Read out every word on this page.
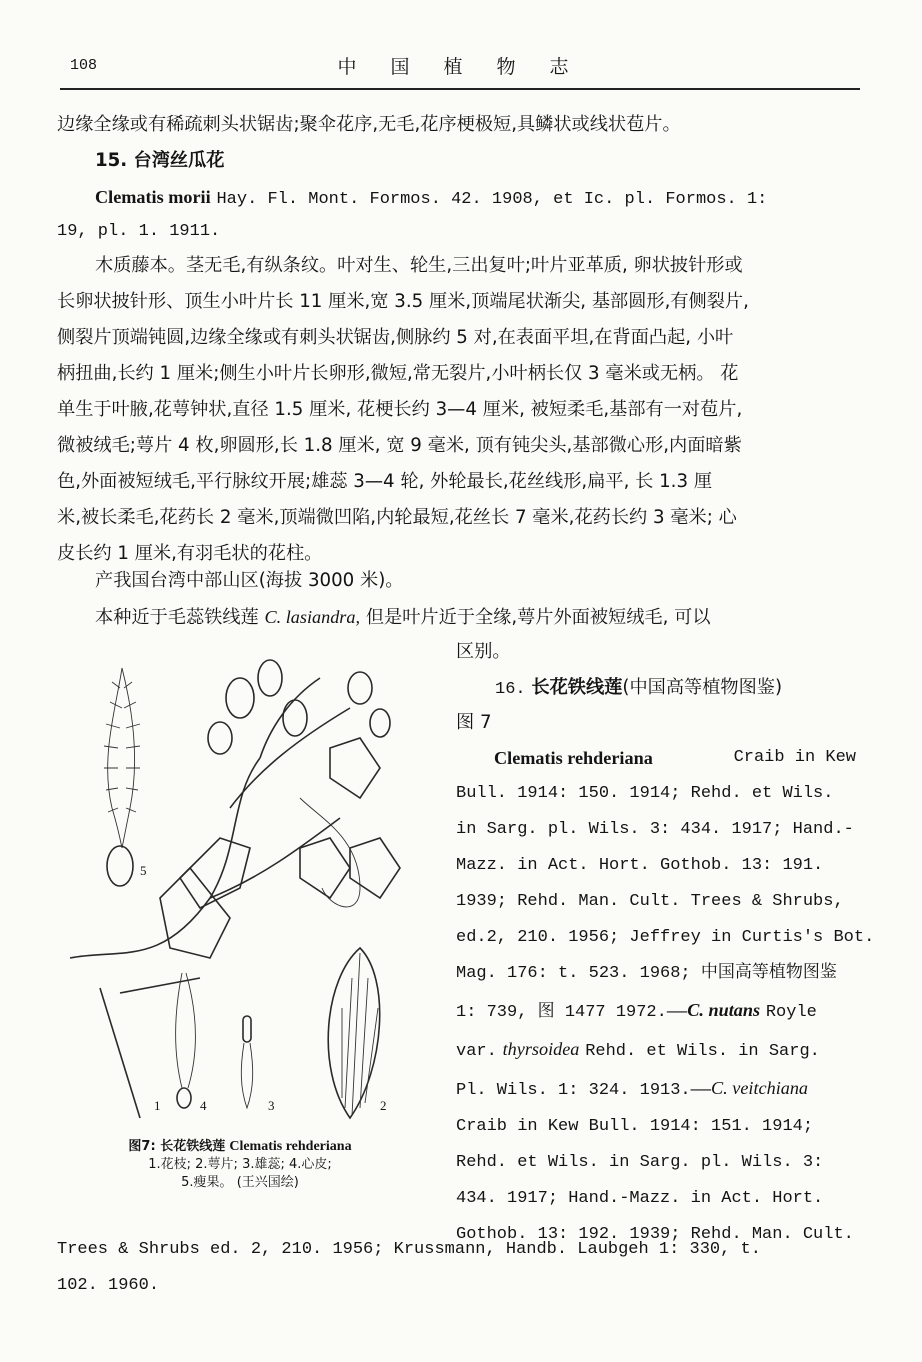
108	中国植物志
边缘全缘或有稀疏刺头状锯齿;聚伞花序,无毛,花序梗极短,具鳞状或线状苞片。
15. 台湾丝瓜花
Clematis morii Hay. Fl. Mont. Formos. 42. 1908, et Ic. pl. Formos. 1:
19, pl. 1. 1911.
木质藤本。茎无毛,有纵条纹。叶对生、轮生,三出复叶;叶片亚革质, 卵状披针形或
长卵状披针形、顶生小叶片长 11 厘米,宽 3.5 厘米,顶端尾状渐尖, 基部圆形,有侧裂片,
侧裂片顶端钝圆,边缘全缘或有刺头状锯齿,侧脉约 5 对,在表面平坦,在背面凸起, 小叶
柄扭曲,长约 1 厘米;侧生小叶片长卵形,微短,常无裂片,小叶柄长仅 3 毫米或无柄。 花
单生于叶腋,花萼钟状,直径 1.5 厘米, 花梗长约 3—4 厘米, 被短柔毛,基部有一对苞片,
微被绒毛;萼片 4 枚,卵圆形,长 1.8 厘米, 宽 9 毫米, 顶有钝尖头,基部微心形,内面暗紫
色,外面被短绒毛,平行脉纹开展;雄蕊 3—4 轮, 外轮最长,花丝线形,扁平, 长 1.3 厘
米,被长柔毛,花药长 2 毫米,顶端微凹陷,内轮最短,花丝长 7 毫米,花药长约 3 毫米; 心
皮长约 1 厘米,有羽毛状的花柱。
产我国台湾中部山区(海拔 3000 米)。
本种近于毛蕊铁线莲 C. lasiandra, 但是叶片近于全缘,萼片外面被短绒毛, 可以
区别。
16. 长花铁线莲(中国高等植物图鉴)
图 7
Clematis rehderiana	Craib in Kew
Bull. 1914: 150. 1914; Rehd. et Wils.
in Sarg. pl. Wils. 3: 434. 1917; Hand.-
Mazz. in Act. Hort. Gothob. 13: 191.
1939; Rehd. Man. Cult. Trees & Shrubs,
ed.2, 210. 1956; Jeffrey in Curtis's Bot.
Mag. 176: t. 523. 1968; 中国高等植物图鉴
1: 739, 图 1477 1972.——C. nutans Royle
var. thyrsoidea Rehd. et Wils. in Sarg.
Pl. Wils. 1: 324. 1913.——C. veitchiana
Craib in Kew Bull. 1914: 151. 1914;
Rehd. et Wils. in Sarg. pl. Wils. 3:
434. 1917; Hand.-Mazz. in Act. Hort.
Gothob. 13: 192. 1939; Rehd. Man. Cult.
Trees & Shrubs ed. 2, 210. 1956; Krussmann, Handb. Laubgeh 1: 330, t.
102. 1960.
5
1	4	3	2
图7: 长花铁线莲 Clematis rehderiana
1.花枝; 2.萼片; 3.雄蕊; 4.心皮;
5.瘦果。 (王兴国绘)
